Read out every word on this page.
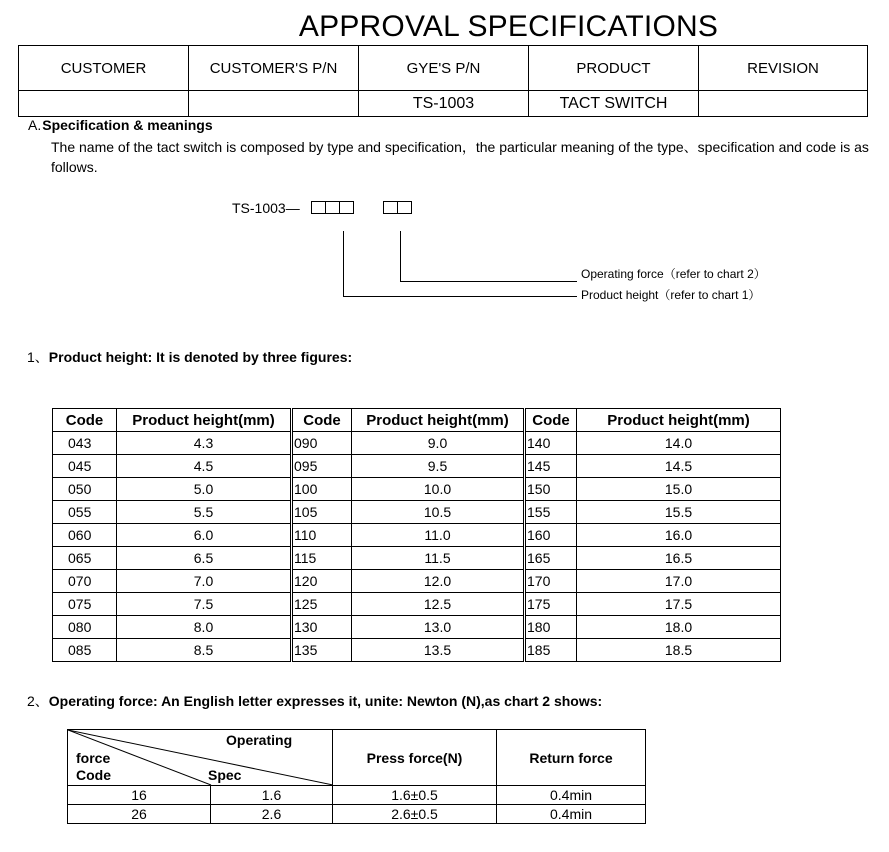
APPROVAL SPECIFICATIONS
CUSTOMER	CUSTOMER'S P/N	GYE'S P/N	PRODUCT	REVISION
		TS-1003	TACT SWITCH	
A.Specification & meanings
The name of the tact switch is composed by type and specification，the particular meaning of the type、specification and code is as follows.
TS-1003—
Operating force（refer to chart 2）
Product height（refer to chart 1）
1、Product height: It is denoted by three figures:
Code	Product height(mm)	Code	Product height(mm)	Code	Product height(mm)
043	4.3	090	9.0	140	14.0
045	4.5	095	9.5	145	14.5
050	5.0	100	10.0	150	15.0
055	5.5	105	10.5	155	15.5
060	6.0	110	11.0	160	16.0
065	6.5	115	11.5	165	16.5
070	7.0	120	12.0	170	17.0
075	7.5	125	12.5	175	17.5
080	8.0	130	13.0	180	18.0
085	8.5	135	13.5	185	18.5
2、Operating force: An English letter expresses it, unite: Newton (N),as chart 2 shows:
Operating
force
Code Spec		Press force(N)	Return force
16	1.6	1.6±0.5	0.4min
26	2.6	2.6±0.5	0.4min
